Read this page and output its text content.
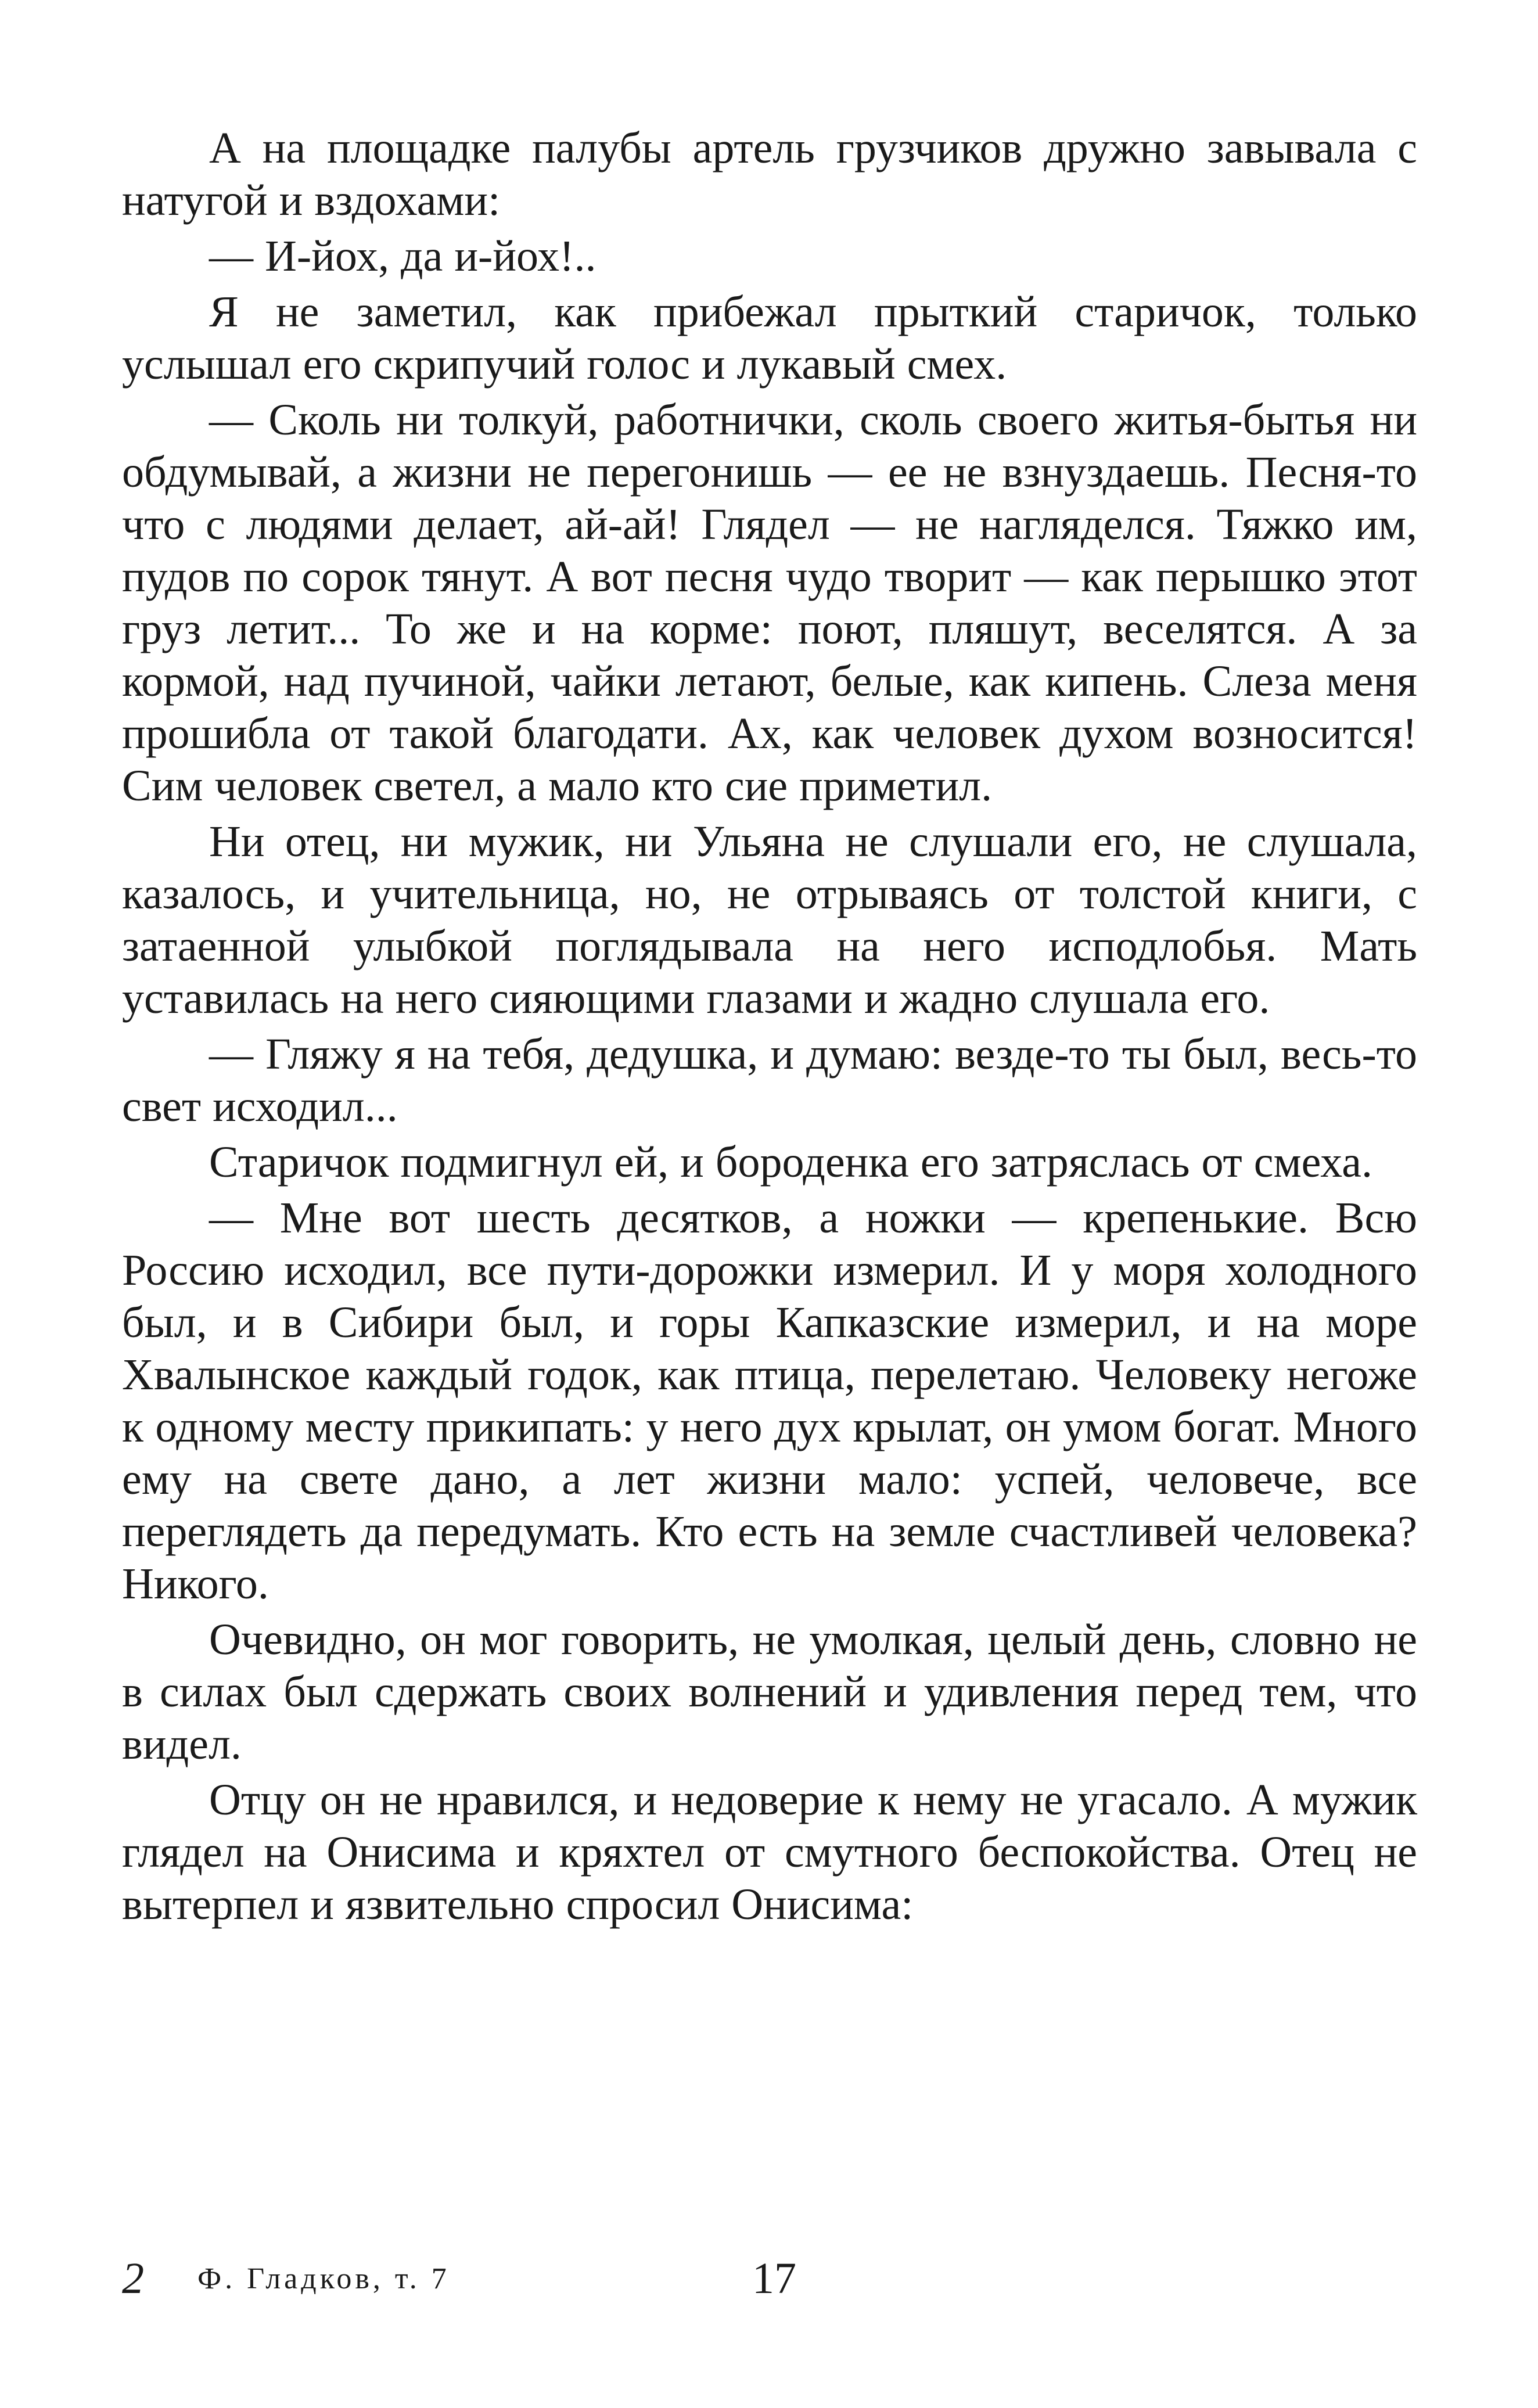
А на площадке палубы артель грузчиков дружно завывала с натугой и вздохами:

— И-йох, да и-йох!..

Я не заметил, как прибежал прыткий старичок, только услышал его скрипучий голос и лукавый смех.

— Сколь ни толкуй, работнички, сколь своего житья-бытья ни обдумывай, а жизни не перегонишь — ее не взнуздаешь. Песня-то что с людями делает, ай-ай! Глядел — не нагляделся. Тяжко им, пудов по сорок тянут. А вот песня чудо творит — как перышко этот груз летит... То же и на корме: поют, пляшут, веселятся. А за кормой, над пучиной, чайки летают, белые, как кипень. Слеза меня прошибла от такой благодати. Ах, как человек духом возносится! Сим человек светел, а мало кто сие приметил.

Ни отец, ни мужик, ни Ульяна не слушали его, не слушала, казалось, и учительница, но, не отрываясь от толстой книги, с затаенной улыбкой поглядывала на него исподлобья. Мать уставилась на него сияющими глазами и жадно слушала его.

— Гляжу я на тебя, дедушка, и думаю: везде-то ты был, весь-то свет исходил...

Старичок подмигнул ей, и бороденка его затряслась от смеха.

— Мне вот шесть десятков, а ножки — крепенькие. Всю Россию исходил, все пути-дорожки измерил. И у моря холодного был, и в Сибири был, и горы Капказские измерил, и на море Хвалынское каждый годок, как птица, перелетаю. Человеку негоже к одному месту прикипать: у него дух крылат, он умом богат. Много ему на свете дано, а лет жизни мало: успей, человече, все переглядеть да передумать. Кто есть на земле счастливей человека? Никого.

Очевидно, он мог говорить, не умолкая, целый день, словно не в силах был сдержать своих волнений и удивления перед тем, что видел.

Отцу он не нравился, и недоверие к нему не угасало. А мужик глядел на Онисима и кряхтел от смутного беспокойства. Отец не вытерпел и язвительно спросил Онисима:

2 Ф. Гладков, т. 7	17
